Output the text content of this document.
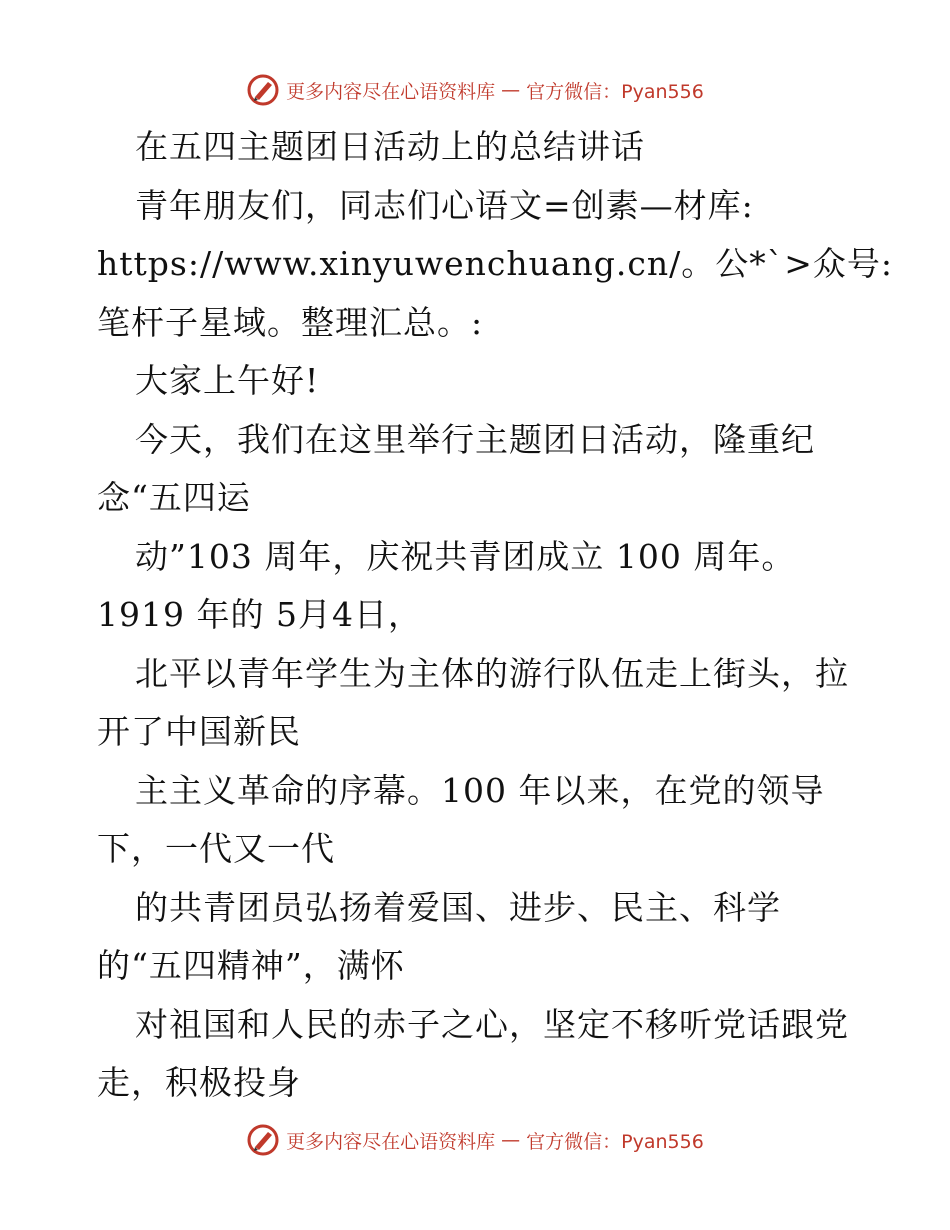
更多内容尽在心语资料库 — 官方微信：Pyan556
在五四主题团日活动上的总结讲话
青年朋友们，同志们心语文=创素—材库:
https://www.xinyuwenchuang.cn/。公*`>众号:
笔杆子星域。整理汇总。:
大家上午好!
今天，我们在这里举行主题团日活动，隆重纪
念“五四运
动”103 周年，庆祝共青团成立 100 周年。
1919 年的 5月4日，
北平以青年学生为主体的游行队伍走上街头，拉
开了中国新民
主主义革命的序幕。100 年以来，在党的领导
下，一代又一代
的共青团员弘扬着爱国、进步、民主、科学
的“五四精神”，满怀
对祖国和人民的赤子之心，坚定不移听党话跟党
走，积极投身
更多内容尽在心语资料库 — 官方微信：Pyan556
